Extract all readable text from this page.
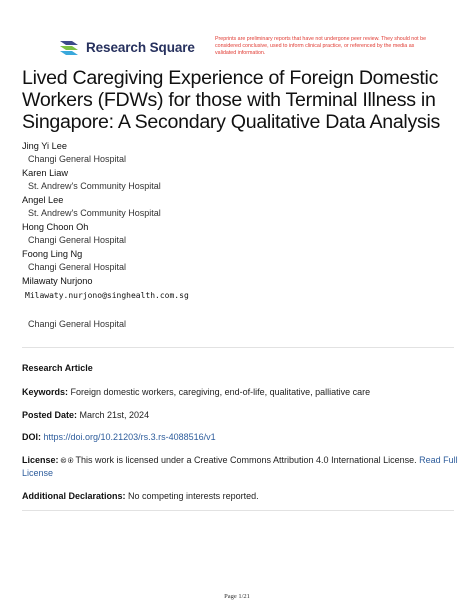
Research Square
Preprints are preliminary reports that have not undergone peer review. They should not be considered conclusive, used to inform clinical practice, or referenced by the media as validated information.
Lived Caregiving Experience of Foreign Domestic Workers (FDWs) for those with Terminal Illness in Singapore: A Secondary Qualitative Data Analysis
Jing Yi Lee
Changi General Hospital
Karen Liaw
St. Andrew's Community Hospital
Angel Lee
St. Andrew's Community Hospital
Hong Choon Oh
Changi General Hospital
Foong Ling Ng
Changi General Hospital
Milawaty Nurjono
Milawaty.nurjono@singhealth.com.sg
Changi General Hospital
Research Article
Keywords: Foreign domestic workers, caregiving, end-of-life, qualitative, palliative care
Posted Date: March 21st, 2024
DOI: https://doi.org/10.21203/rs.3.rs-4088516/v1
License: 🅭 🅯 This work is licensed under a Creative Commons Attribution 4.0 International License. Read Full License
Additional Declarations: No competing interests reported.
Page 1/21
